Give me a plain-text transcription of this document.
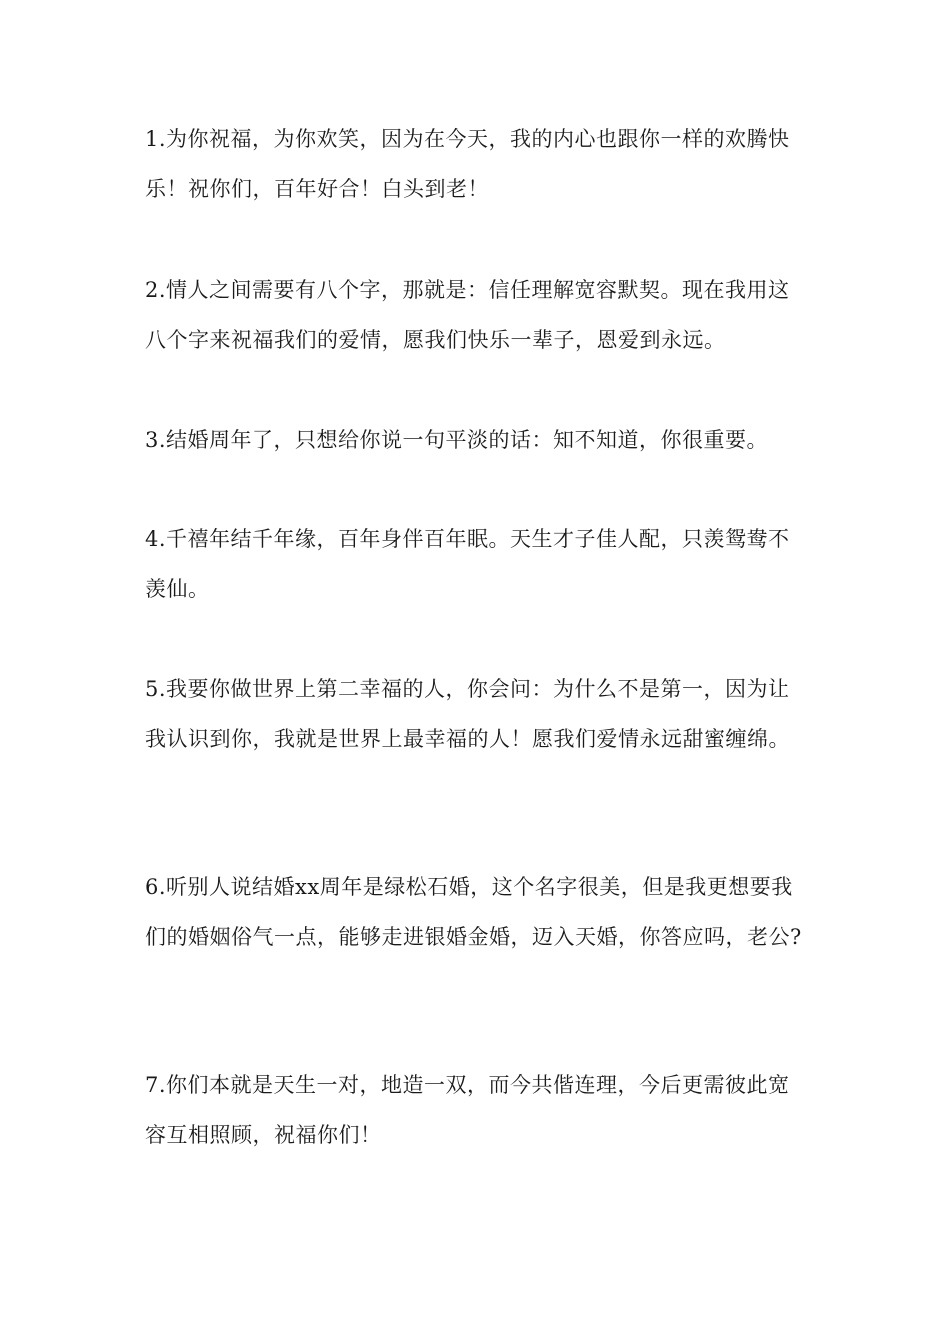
1.为你祝福，为你欢笑，因为在今天，我的内心也跟你一样的欢腾快乐！祝你们，百年好合！白头到老！

2.情人之间需要有八个字，那就是：信任理解宽容默契。现在我用这八个字来祝福我们的爱情，愿我们快乐一辈子，恩爱到永远。

3.结婚周年了，只想给你说一句平淡的话：知不知道，你很重要。

4.千禧年结千年缘，百年身伴百年眠。天生才子佳人配，只羡鸳鸯不羡仙。

5.我要你做世界上第二幸福的人，你会问：为什么不是第一，因为让我认识到你，我就是世界上最幸福的人！愿我们爱情永远甜蜜缠绵。

6.听别人说结婚xx周年是绿松石婚，这个名字很美，但是我更想要我们的婚姻俗气一点，能够走进银婚金婚，迈入天婚，你答应吗，老公?

7.你们本就是天生一对，地造一双，而今共偕连理，今后更需彼此宽容互相照顾，祝福你们！
